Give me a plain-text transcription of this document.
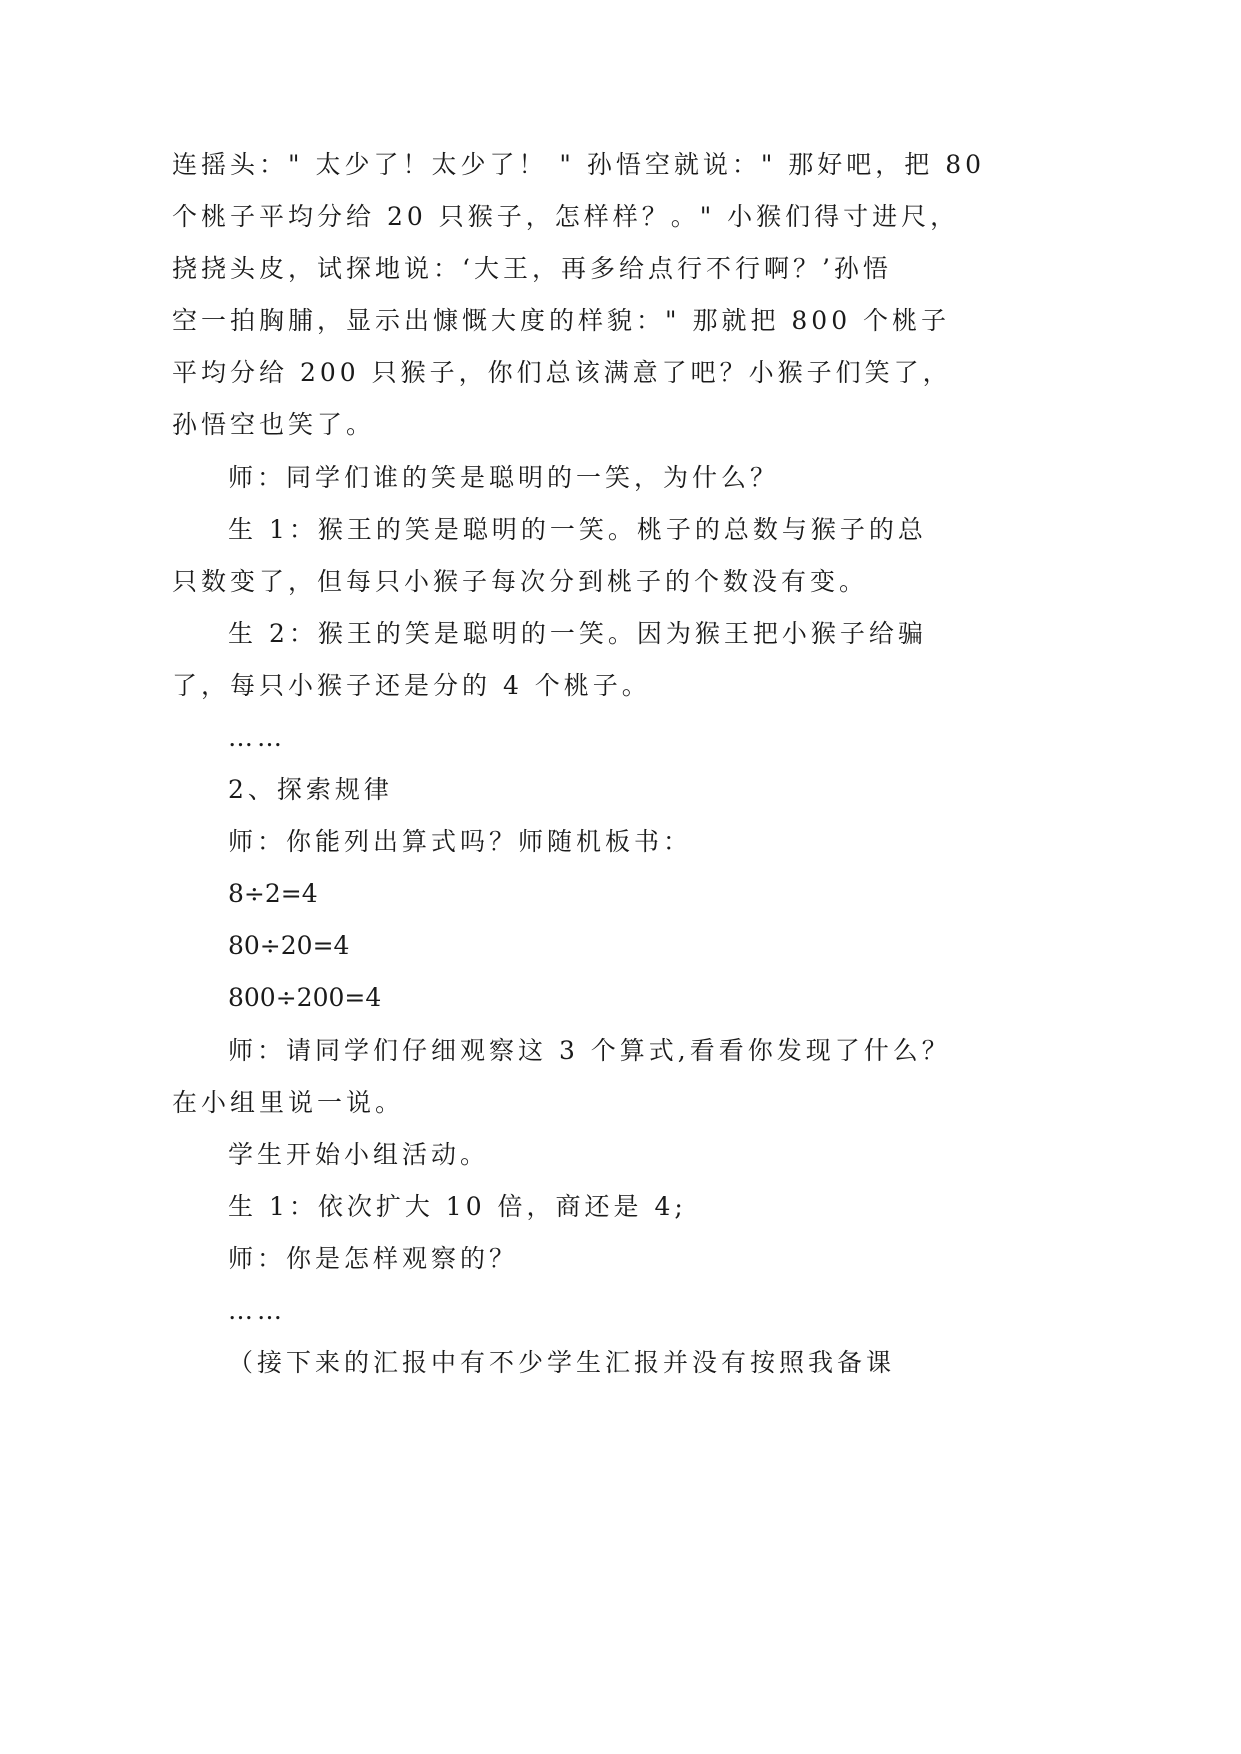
连摇头：" 太少了！太少了！ " 孙悟空就说：" 那好吧，把 80
个桃子平均分给 20 只猴子，怎样样？。" 小猴们得寸进尺，
挠挠头皮，试探地说：‘大王，再多给点行不行啊？’孙悟
空一拍胸脯，显示出慷慨大度的样貌：" 那就把 800 个桃子
平均分给 200 只猴子，你们总该满意了吧？小猴子们笑了，
孙悟空也笑了。
师：同学们谁的笑是聪明的一笑，为什么？
生 1：猴王的笑是聪明的一笑。桃子的总数与猴子的总
只数变了，但每只小猴子每次分到桃子的个数没有变。
生 2：猴王的笑是聪明的一笑。因为猴王把小猴子给骗
了，每只小猴子还是分的 4 个桃子。
……
2、探索规律
师：你能列出算式吗？师随机板书：
8÷2=4
80÷20=4
800÷200=4
师：请同学们仔细观察这 3 个算式,看看你发现了什么？
在小组里说一说。
学生开始小组活动。
生 1：依次扩大 10 倍，商还是 4;
师：你是怎样观察的？
……
（接下来的汇报中有不少学生汇报并没有按照我备课
